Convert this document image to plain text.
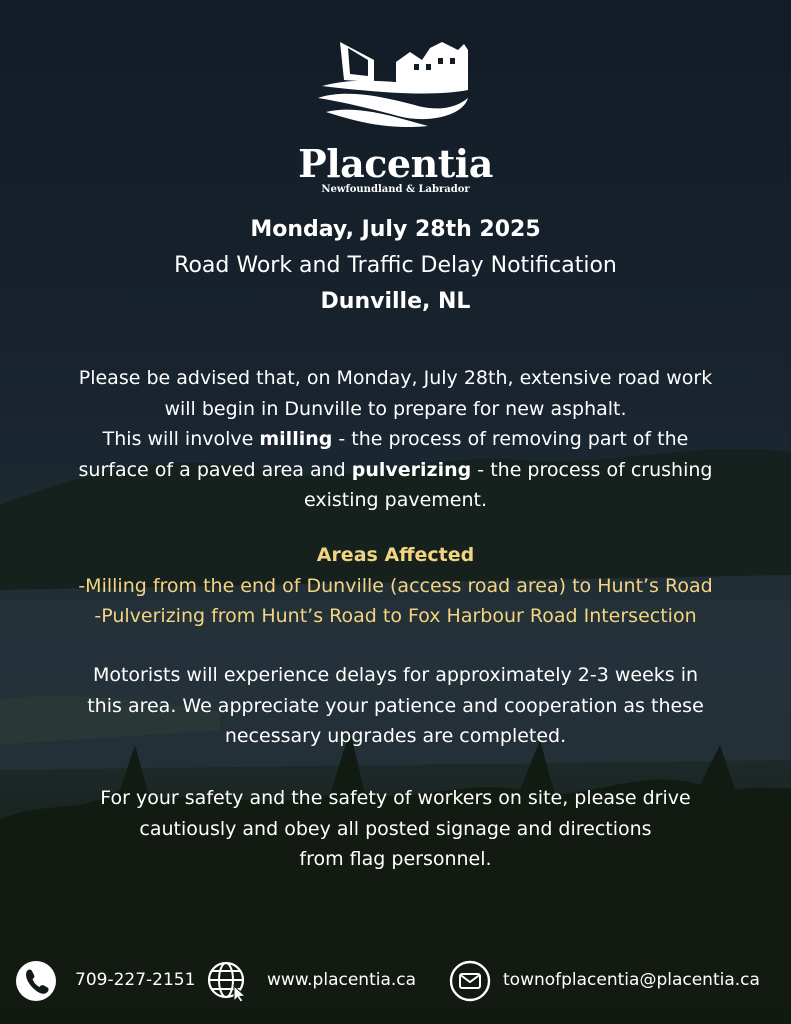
Placentia
Newfoundland & Labrador
Monday, July 28th 2025
Road Work and Traffic Delay Notification
Dunville, NL
Please be advised that, on Monday, July 28th, extensive road work
will begin in Dunville to prepare for new asphalt.
This will involve milling - the process of removing part of the
surface of a paved area and pulverizing - the process of crushing
existing pavement.
Areas Affected
-Milling from the end of Dunville (access road area) to Hunt’s Road
-Pulverizing from Hunt’s Road to Fox Harbour Road Intersection
Motorists will experience delays for approximately 2-3 weeks in
this area. We appreciate your patience and cooperation as these
necessary upgrades are completed.
For your safety and the safety of workers on site, please drive
cautiously and obey all posted signage and directions
from flag personnel.
709-227-2151	www.placentia.ca	townofplacentia@placentia.ca
